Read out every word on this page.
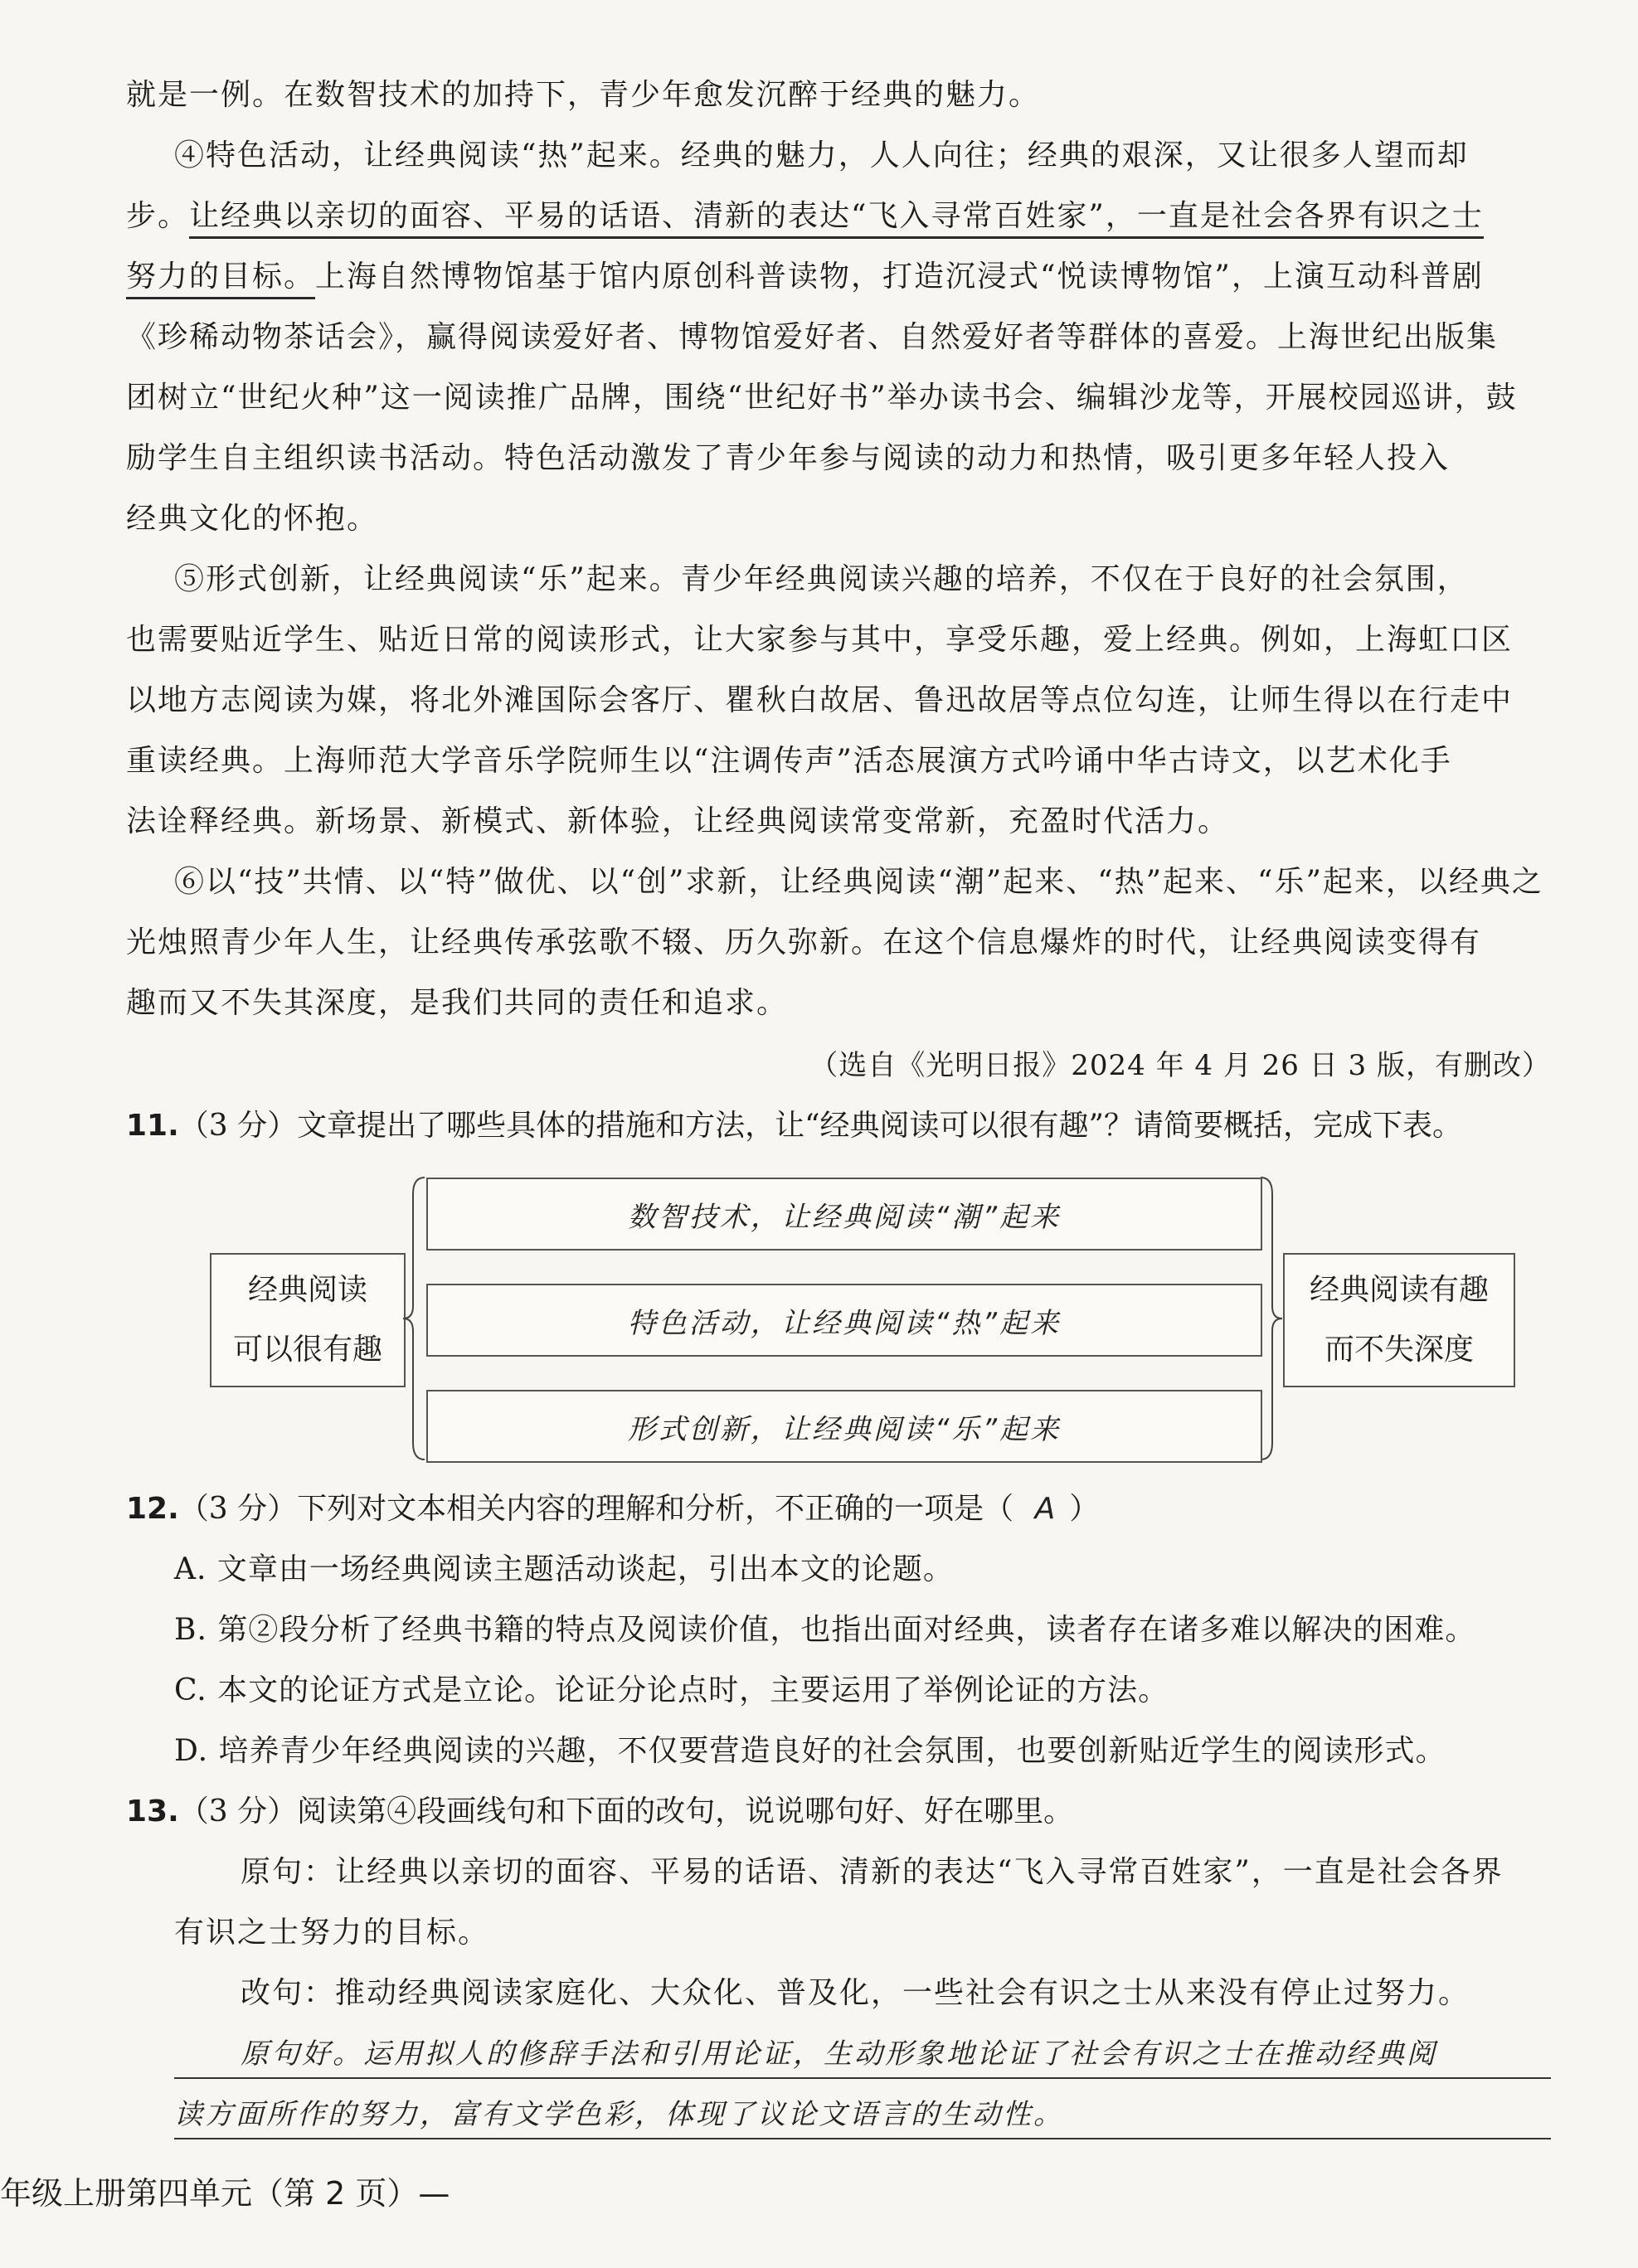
就是一例。在数智技术的加持下，青少年愈发沉醉于经典的魅力。
④特色活动，让经典阅读“热”起来。经典的魅力，人人向往；经典的艰深，又让很多人望而却
步。让经典以亲切的面容、平易的话语、清新的表达“飞入寻常百姓家”，一直是社会各界有识之士
努力的目标。上海自然博物馆基于馆内原创科普读物，打造沉浸式“悦读博物馆”，上演互动科普剧
《珍稀动物茶话会》，赢得阅读爱好者、博物馆爱好者、自然爱好者等群体的喜爱。上海世纪出版集
团树立“世纪火种”这一阅读推广品牌，围绕“世纪好书”举办读书会、编辑沙龙等，开展校园巡讲，鼓
励学生自主组织读书活动。特色活动激发了青少年参与阅读的动力和热情，吸引更多年轻人投入
经典文化的怀抱。
⑤形式创新，让经典阅读“乐”起来。青少年经典阅读兴趣的培养，不仅在于良好的社会氛围，
也需要贴近学生、贴近日常的阅读形式，让大家参与其中，享受乐趣，爱上经典。例如，上海虹口区
以地方志阅读为媒，将北外滩国际会客厅、瞿秋白故居、鲁迅故居等点位勾连，让师生得以在行走中
重读经典。上海师范大学音乐学院师生以“注调传声”活态展演方式吟诵中华古诗文，以艺术化手
法诠释经典。新场景、新模式、新体验，让经典阅读常变常新，充盈时代活力。
⑥以“技”共情、以“特”做优、以“创”求新，让经典阅读“潮”起来、“热”起来、“乐”起来，以经典之
光烛照青少年人生，让经典传承弦歌不辍、历久弥新。在这个信息爆炸的时代，让经典阅读变得有
趣而又不失其深度，是我们共同的责任和追求。
（选自《光明日报》2024 年 4 月 26 日 3 版，有删改）
11.（3 分）文章提出了哪些具体的措施和方法，让“经典阅读可以很有趣”？请简要概括，完成下表。
经典阅读
可以很有趣
经典阅读有趣
而不失深度
数智技术，让经典阅读“潮”起来
特色活动，让经典阅读“热”起来
形式创新，让经典阅读“乐”起来
12.（3 分）下列对文本相关内容的理解和分析，不正确的一项是（ A ）
A. 文章由一场经典阅读主题活动谈起，引出本文的论题。
B. 第②段分析了经典书籍的特点及阅读价值，也指出面对经典，读者存在诸多难以解决的困难。
C. 本文的论证方式是立论。论证分论点时，主要运用了举例论证的方法。
D. 培养青少年经典阅读的兴趣，不仅要营造良好的社会氛围，也要创新贴近学生的阅读形式。
13.（3 分）阅读第④段画线句和下面的改句，说说哪句好、好在哪里。
原句：让经典以亲切的面容、平易的话语、清新的表达“飞入寻常百姓家”，一直是社会各界
有识之士努力的目标。
改句：推动经典阅读家庭化、大众化、普及化，一些社会有识之士从来没有停止过努力。
原句好。运用拟人的修辞手法和引用论证，生动形象地论证了社会有识之士在推动经典阅
读方面所作的努力，富有文学色彩，体现了议论文语言的生动性。
年级上册第四单元（第 2 页）—
